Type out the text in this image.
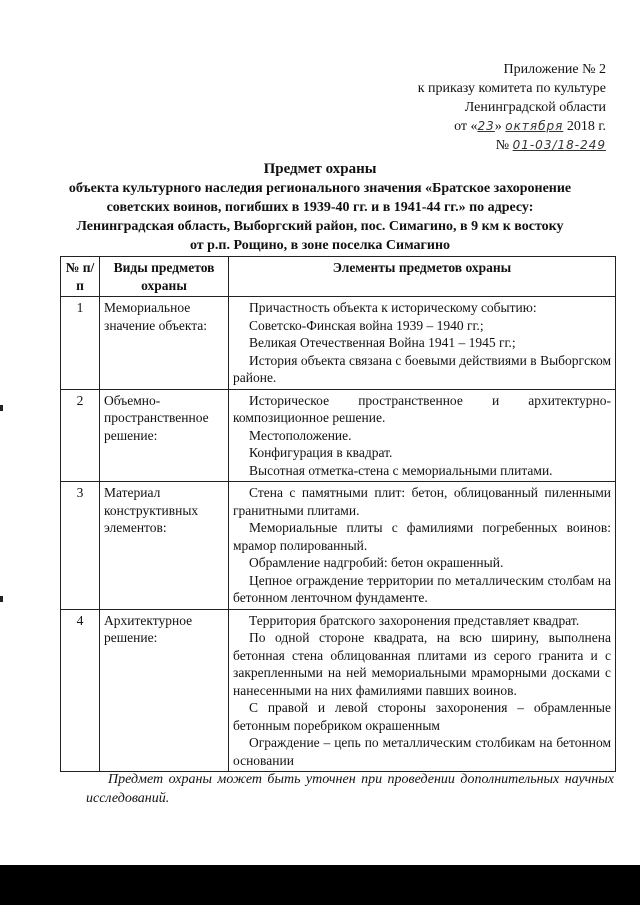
Приложение № 2
к приказу комитета по культуре
Ленинградской области
от «23» октября 2018 г.
№ 01-03/18-249
Предмет охраны
объекта культурного наследия регионального значения «Братское захоронение
советских воинов, погибших в 1939-40 гг. и в 1941-44 гг.» по адресу:
Ленинградская область, Выборгский район, пос. Симагино, в 9 км к востоку
от р.п. Рощино, в зоне поселка Симагино
№ п/п	Виды предметов охраны	Элементы предметов охраны
1	Мемориальное значение объекта:	Причастность объекта к историческому событию:

Советско-Финская война 1939 – 1940 гг.;

Великая Отечественная Война 1941 – 1945 гг.;

История объекта связана с боевыми действиями в Выборгском районе.

2	Объемно-пространственное решение:	Историческое пространственное и архитектурно-композиционное решение.

Местоположение.

Конфигурация в квадрат.

Высотная отметка-стена с мемориальными плитами.

3	Материал конструктивных элементов:	Стена с памятными плит: бетон, облицованный пиленными гранитными плитами.

Мемориальные плиты с фамилиями погребенных воинов: мрамор полированный.

Обрамление надгробий: бетон окрашенный.

Цепное ограждение территории по металлическим столбам на бетонном ленточном фундаменте.

4	Архитектурное решение:	Территория братского захоронения представляет квадрат.

По одной стороне квадрата, на всю ширину, выполнена бетонная стена облицованная плитами из серого гранита и с закрепленными на ней мемориальными мраморными досками с нанесенными на них фамилиями павших воинов.

С правой и левой стороны захоронения – обрамленные бетонным поребриком окрашенным

Ограждение – цепь по металлическим столбикам на бетонном основании

Предмет охраны может быть уточнен при проведении дополнительных научных исследований.
